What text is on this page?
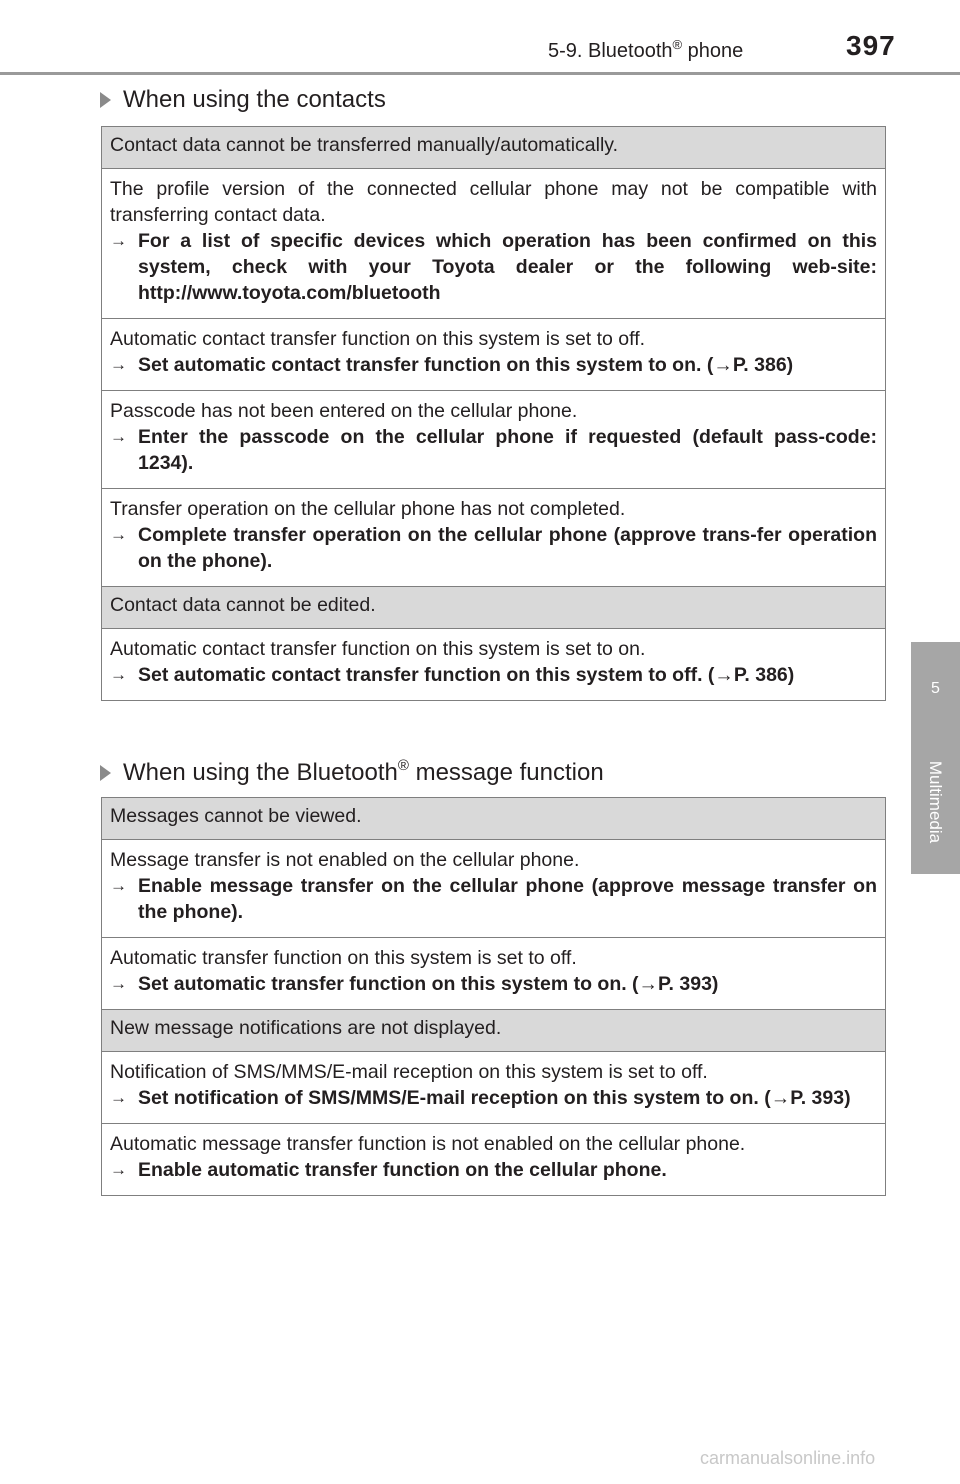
5-9. Bluetooth® phone	397
5
Multimedia
When using the contacts
Contact data cannot be transferred manually/automatically.

The profile version of the connected cellular phone may not be compatible with transferring contact data.
→ For a list of specific devices which operation has been confirmed on this system, check with your Toyota dealer or the following web-site: http://www.toyota.com/bluetooth

Automatic contact transfer function on this system is set to off.
→ Set automatic contact transfer function on this system to on. (→P. 386)

Passcode has not been entered on the cellular phone.
→ Enter the passcode on the cellular phone if requested (default pass-code: 1234).

Transfer operation on the cellular phone has not completed.
→ Complete transfer operation on the cellular phone (approve trans-fer operation on the phone).

Contact data cannot be edited.

Automatic contact transfer function on this system is set to on.
→ Set automatic contact transfer function on this system to off. (→P. 386)
When using the Bluetooth® message function
Messages cannot be viewed.

Message transfer is not enabled on the cellular phone.
→ Enable message transfer on the cellular phone (approve message transfer on the phone).

Automatic transfer function on this system is set to off.
→ Set automatic transfer function on this system to on. (→P. 393)

New message notifications are not displayed.

Notification of SMS/MMS/E-mail reception on this system is set to off.
→ Set notification of SMS/MMS/E-mail reception on this system to on. (→P. 393)

Automatic message transfer function is not enabled on the cellular phone.
→ Enable automatic transfer function on the cellular phone.
carmanualsonline.info
